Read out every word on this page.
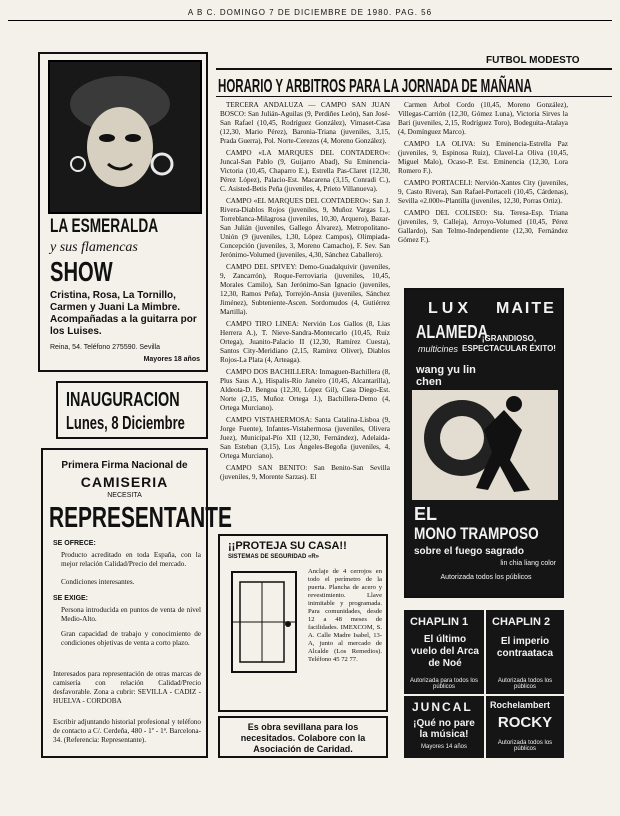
A B C. DOMINGO 7 DE DICIEMBRE DE 1980. PAG. 56
LA ESMERALDA
y sus flamencas
SHOW
Cristina, Rosa, La Tornillo, Carmen y Juani La Mimbre. Acompañadas a la guitarra por los Luises.
Reina, 54. Teléfono 275590. Sevilla
Mayores 18 años
INAUGURACION
Lunes, 8 Diciembre
Primera Firma Nacional de
CAMISERIA
NECESITA
REPRESENTANTE
SE OFRECE:
Producto acreditado en toda España, con la mejor relación Calidad/Precio del mercado.
Condiciones interesantes.
SE EXIGE:
Persona introducida en puntos de venta de nivel Medio-Alto.
Gran capacidad de trabajo y conocimiento de condiciones objetivas de venta a corto plazo.
Interesados para representación de otras marcas de camisería con relación Calidad/Precio desfavorable. Zona a cubrir: SEVILLA - CADIZ - HUELVA - CORDOBA
Escribir adjuntando historial profesional y teléfono de contacto a C/. Cerdeña, 480 - 1º - 1ª. Barcelona-34. (Referencia: Representante).
FUTBOL MODESTO
HORARIO Y ARBITROS PARA LA JORNADA DE MAÑANA

TERCERA ANDALUZA — CAMPO SAN JUAN BOSCO: San Julián-Aguilas (9, Perdiñes León), San José-San Rafael (10,45, Rodríguez González), Vimaset-Casa (12,30, Mario Pérez), Baronia-Triana (juveniles, 3,15, Prada Guerra), Pol. Norte-Cerezos (4, Moreno González).

CAMPO «LA MARQUES DEL CONTADERO»: Juncal-San Pablo (9, Guijarro Abad), Su Eminencia-Victoria (10,45, Chaparro E.), Estrella Pas-Claret (12,30, Pérez López), Palacio-Est. Macarena (3,15, Conradi C.), C. Asisted-Betis Peña (juveniles, 4, Prieto Villanueva).

CAMPO «EL MARQUES DEL CONTADERO»: San J. Rivera-Diablos Rojos (juveniles, 9, Muñoz Vargas L.), Torreblanca-Milagrosa (juveniles, 10,30, Arquero), Bazar-San Julián (juveniles, Gallego Álvarez), Metropolitano-Unión (9 (juveniles, 1,30, López Campos), Olimpiada-Concepción (juveniles, 3, Moreno Camacho), F. Sev. San Jerónimo-Volumed (juveniles, 4,30, Sánchez Caballero).

CAMPO DEL SPIVEY: Demo-Guadalquivir (juveniles, 9, Zancarrón), Roque-Ferroviaria (juveniles, 10,45, Morales Camilo), San Jerónimo-San Ignacio (juveniles, 12,30, Ramos Peña), Torrejón-Ansia (juveniles, Sánchez Jiménez), Subteniente-Ascen. Sordomudos (4, Gutiérrez Martilla).

CAMPO TIRO LINEA: Nervión Los Gallos (8, Lias Herrera A.), T. Nieve-Sandra-Montecarlo (10,45, Ruiz Ortega), Juanito-Palacio II (12,30, Ramírez Cuesta), Santos City-Meridiano (2,15, Ramírez Oliver), Diablos Rojos-La Plata (4, Arteaga).

CAMPO DOS BACHILLERA: Inmaguen-Bachillera (8, Plus Saus A.), Hispalis-Río Janeiro (10,45, Alcantarilla), Aldeota-D. Bengoa (12,30, López Gil), Casa Diego-Est. Norte (2,15, Muñoz Ortega J.), Bachillera-Demo (4, Ortega Murciano).

CAMPO VISTAHERMOSA: Santa Catalina-Lisboa (9, Jorge Fuente), Infantes-Vistahermosa (juveniles, Olivera Juez), Municipal-Pío XII (12,30, Fernández), Adelaida-San Esteban (3,15), Los Ángeles-Begoña (juveniles, 4, Ortega Murciano).

CAMPO SAN BENITO: San Benito-San Sevilla (juveniles, 9, Morente Sarzas). El

Carmen Árbol Cordo (10,45, Moreno González), Villegas-Carrión (12,30, Gómez Luna), Victoria Sirves la Bari (juveniles, 2,15, Rodríguez Toro), Bodeguita-Atalaya (4, Domínguez Marco).

CAMPO LA OLIVA: Su Eminencia-Estrella Paz (juveniles, 9, Espinosa Ruiz), Clavel-La Oliva (10,45, Miguel Malo), Ocaso-P. Est. Eminencia (12,30, Lora Romero F.).

CAMPO PORTACELI: Nervión-Xantes City (juveniles, 9, Casto Rivera), San Rafael-Portaceli (10,45, Cárdenas), Sevilla «2.000»-Plantilla (juveniles, 12,30, Porras Ortiz).

CAMPO DEL COLISEO: Sta. Teresa-Esp. Triana (juveniles, 9, Calleja), Arroyo-Volumed (10,45, Pérez Gallardo), San Telmo-Independiente (12,30, Fernández Gómez F.).

¡¡PROTEJA SU CASA!!
SISTEMAS DE SEGURIDAD «R»
Anclaje de 4 cerrojos en todo el perímetro de la puerta. Plancha de acero y revestimiento. Llave inimitable y programada. Para comunidades, desde 12 a 48 meses de facilidades. IMEXCOM, S. A. Calle Madre Isabel, 13-A, junto al mercado de Alcalde (Los Remedios). Teléfono 45 72 77.
Es obra sevillana para los necesitados. Colabore con la Asociación de Caridad.
LUX MAITE
ALAMEDA
multicines
¡GRANDIOSO, ESPECTACULAR ÉXITO!
wang yu lin chen
EL
MONO TRAMPOSO
sobre el fuego sagrado
lin chia liang color
Autorizada todos los públicos
CHAPLIN 1
El último vuelo del Arca de Noé
Autorizada para todos los públicos
CHAPLIN 2
El imperio contraataca
Autorizada todos los públicos
JUNCAL
¡Qué no pare la música!
Mayores 14 años
Rochelambert
ROCKY
Autorizada todos los públicos
